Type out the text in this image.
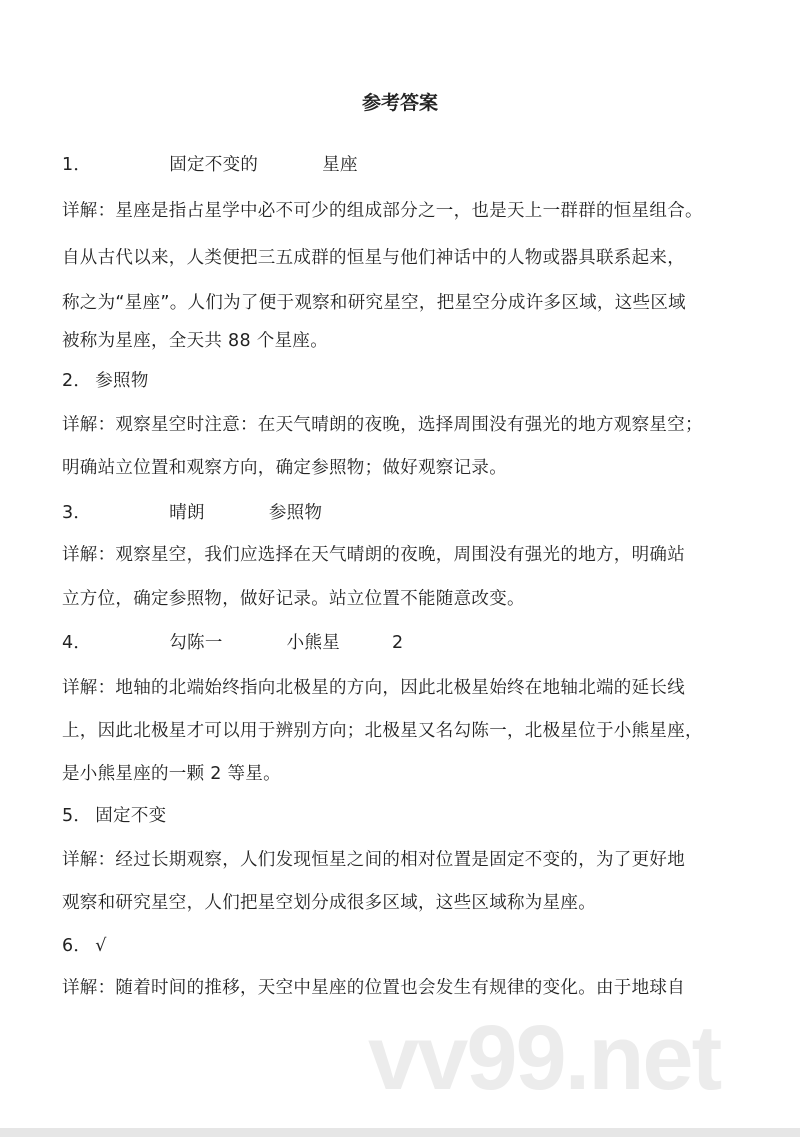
参考答案
1．	固定不变的	星座
详解：星座是指占星学中必不可少的组成部分之一，也是天上一群群的恒星组合。
自从古代以来，人类便把三五成群的恒星与他们神话中的人物或器具联系起来，
称之为“星座”。人们为了便于观察和研究星空，把星空分成许多区域，这些区域
被称为星座，全天共 88 个星座。
2． 参照物
详解：观察星空时注意：在天气晴朗的夜晚，选择周围没有强光的地方观察星空；
明确站立位置和观察方向，确定参照物；做好观察记录。
3．	晴朗	参照物
详解：观察星空，我们应选择在天气晴朗的夜晚，周围没有强光的地方，明确站
立方位，确定参照物，做好记录。站立位置不能随意改变。
4．	勾陈一	小熊星	2
详解：地轴的北端始终指向北极星的方向，因此北极星始终在地轴北端的延长线
上，因此北极星才可以用于辨别方向；北极星又名勾陈一，北极星位于小熊星座，
是小熊星座的一颗 2 等星。
5． 固定不变
详解：经过长期观察，人们发现恒星之间的相对位置是固定不变的，为了更好地
观察和研究星空，人们把星空划分成很多区域，这些区域称为星座。
6． √
详解：随着时间的推移，天空中星座的位置也会发生有规律的变化。由于地球自
vv99.net
